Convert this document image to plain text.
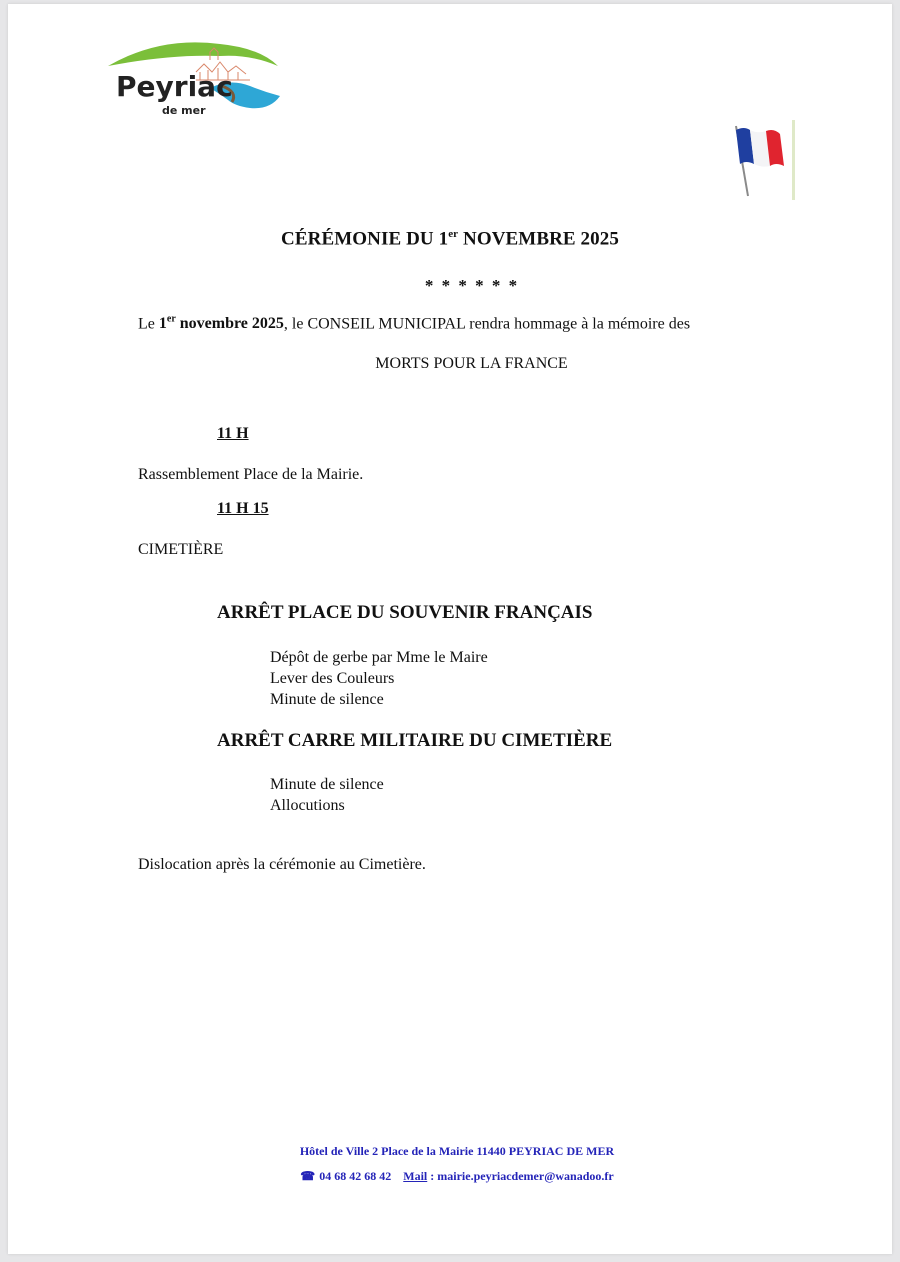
Peyriac
de mer
CÉRÉMONIE DU 1er NOVEMBRE 2025
* * * * * *
Le 1er novembre 2025, le CONSEIL MUNICIPAL rendra hommage à la mémoire des
MORTS POUR LA FRANCE
11 H
Rassemblement Place de la Mairie.
11 H 15
CIMETIÈRE
ARRÊT PLACE DU SOUVENIR FRANÇAIS
Dépôt de gerbe par Mme le Maire
Lever des Couleurs
Minute de silence
ARRÊT CARRE MILITAIRE DU CIMETIÈRE
Minute de silence
Allocutions
Dislocation après la cérémonie au Cimetière.
Hôtel de Ville 2 Place de la Mairie 11440 PEYRIAC DE MER
☎ 04 68 42 68 42 Mail : mairie.peyriacdemer@wanadoo.fr
